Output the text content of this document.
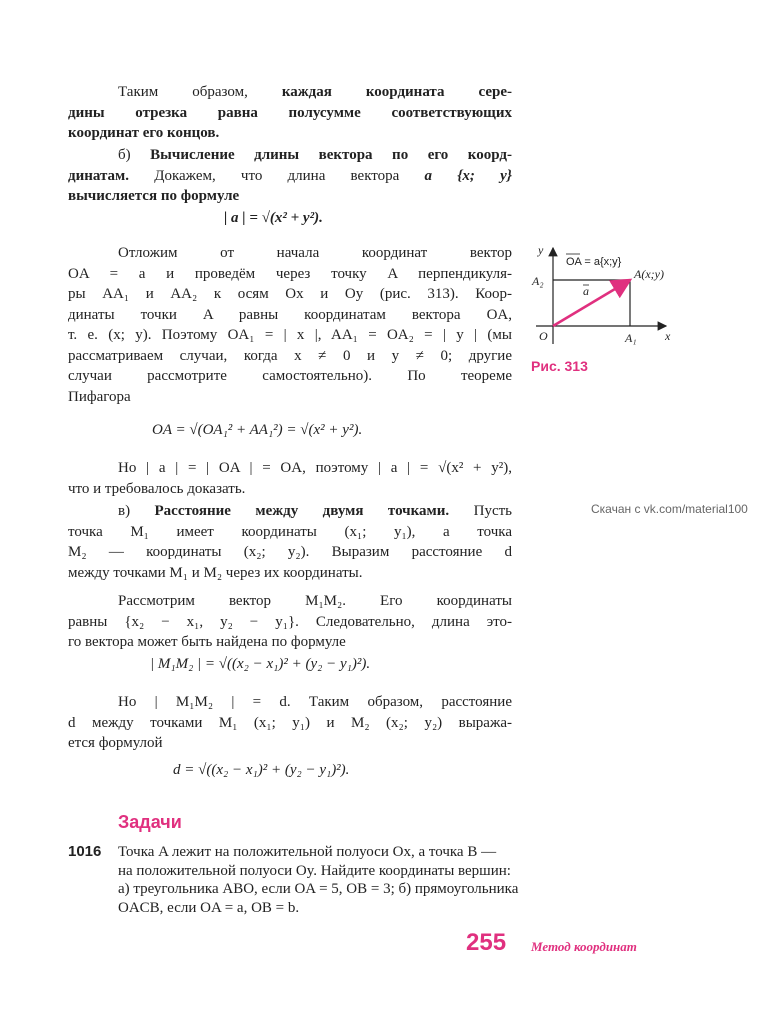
Таким образом, каждая координата сере-
дины отрезка равна полусумме соответствующих
координат его концов.
б) Вычисление длины вектора по его коорд-
динатам. Докажем, что длина вектора a {x; y}
вычисляется по формуле
| a | = √(x² + y²).
Отложим от начала координат вектор
OA = a и проведём через точку A перпендикуля-
ры AA₁ и AA₂ к осям Ox и Oy (рис. 313). Коор-
динаты точки A равны координатам вектора OA,
т. е. (x; y). Поэтому OA₁ = | x |, AA₁ = OA₂ = | y | (мы
рассматриваем случаи, когда x ≠ 0 и y ≠ 0; другие
случаи рассмотрите самостоятельно). По теореме
Пифагора
OA = √(OA₁² + AA₁²) = √(x² + y²).
Но | a | = | OA | = OA, поэтому | a | = √(x² + y²),
что и требовалось доказать.
в) Расстояние между двумя точками. Пусть
точка M₁ имеет координаты (x₁; y₁), а точка
M₂ — координаты (x₂; y₂). Выразим расстояние d
между точками M₁ и M₂ через их координаты.
Рассмотрим вектор M₁M₂. Его координаты
равны {x₂ − x₁, y₂ − y₁}. Следовательно, длина это-
го вектора может быть найдена по формуле
| M₁M₂ | = √((x₂ − x₁)² + (y₂ − y₁)²).
Но | M₁M₂ | = d. Таким образом, расстояние
d между точками M₁ (x₁; y₁) и M₂ (x₂; y₂) выража-
ется формулой
d = √((x₂ − x₁)² + (y₂ − y₁)²).
y
A₂
OA = a{x;y}
A(x;y)
a
O	A₁ x
Рис. 313
Скачан с vk.com/material100
Задачи
1016 Точка A лежит на положительной полуоси Ox, а точка B —
на положительной полуоси Oy. Найдите координаты вершин:
а) треугольника ABO, если OA = 5, OB = 3; б) прямоугольника
OACB, если OA = a, OB = b.
255 Метод координат
